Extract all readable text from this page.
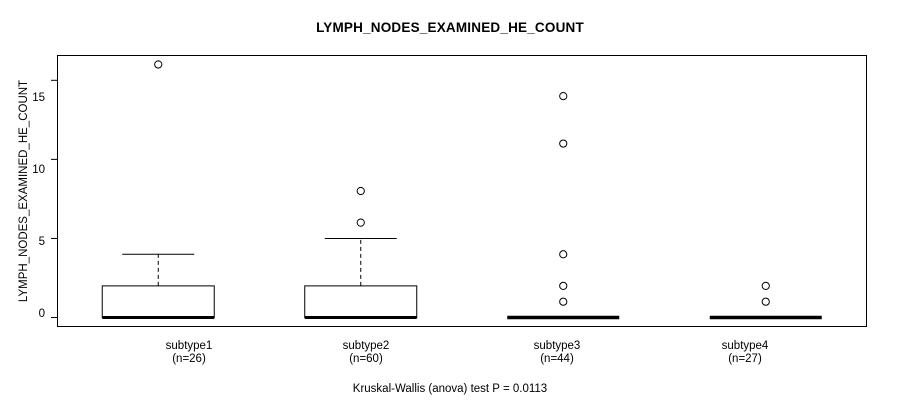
LYMPH_NODES_EXAMINED_HE_COUNT
LYMPH_NODES_EXAMINED_HE_COUNT
0
5
10
15
subtype1
(n=26)
subtype2
(n=60)
subtype3
(n=44)
subtype4
(n=27)
Kruskal-Wallis (anova) test P = 0.0113
